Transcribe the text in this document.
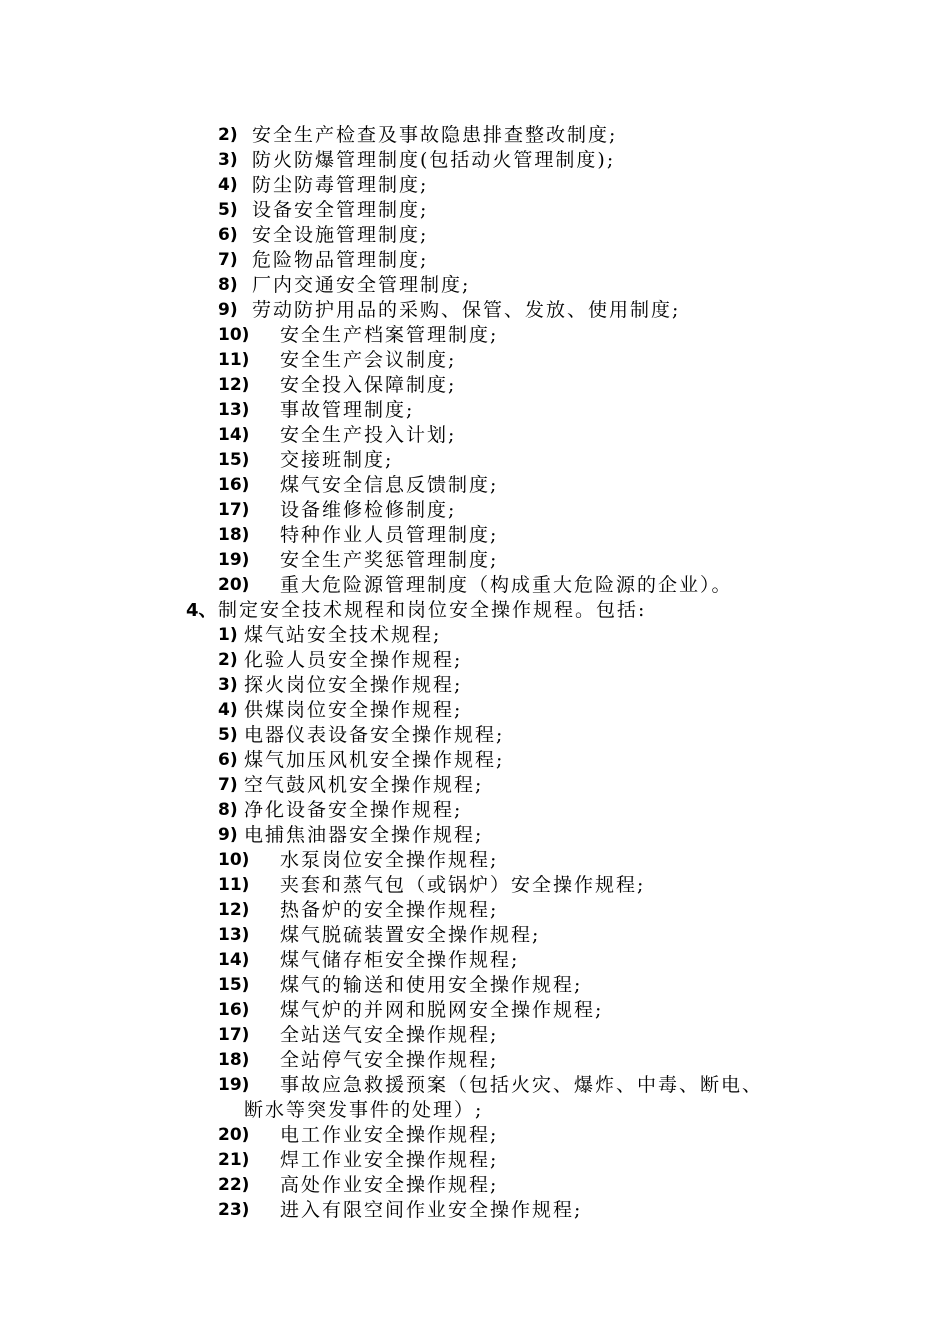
2) 安全生产检查及事故隐患排查整改制度;
3) 防火防爆管理制度(包括动火管理制度);
4) 防尘防毒管理制度;
5) 设备安全管理制度;
6) 安全设施管理制度;
7) 危险物品管理制度;
8) 厂内交通安全管理制度;
9) 劳动防护用品的采购、保管、发放、使用制度;
10) 安全生产档案管理制度;
11) 安全生产会议制度;
12) 安全投入保障制度;
13) 事故管理制度;
14) 安全生产投入计划;
15) 交接班制度;
16) 煤气安全信息反馈制度;
17) 设备维修检修制度;
18) 特种作业人员管理制度;
19) 安全生产奖惩管理制度;
20) 重大危险源管理制度（构成重大危险源的企业）。
4、 制定安全技术规程和岗位安全操作规程。包括:
1) 煤气站安全技术规程;
2) 化验人员安全操作规程;
3) 探火岗位安全操作规程;
4) 供煤岗位安全操作规程;
5) 电器仪表设备安全操作规程;
6) 煤气加压风机安全操作规程;
7) 空气鼓风机安全操作规程;
8) 净化设备安全操作规程;
9) 电捕焦油器安全操作规程;
10) 水泵岗位安全操作规程;
11) 夹套和蒸气包（或锅炉）安全操作规程;
12) 热备炉的安全操作规程;
13) 煤气脱硫装置安全操作规程;
14) 煤气储存柜安全操作规程;
15) 煤气的输送和使用安全操作规程;
16) 煤气炉的并网和脱网安全操作规程;
17) 全站送气安全操作规程;
18) 全站停气安全操作规程;
19) 事故应急救援预案（包括火灾、爆炸、中毒、断电、
断水等突发事件的处理）;
20) 电工作业安全操作规程;
21) 焊工作业安全操作规程;
22) 高处作业安全操作规程;
23) 进入有限空间作业安全操作规程;
